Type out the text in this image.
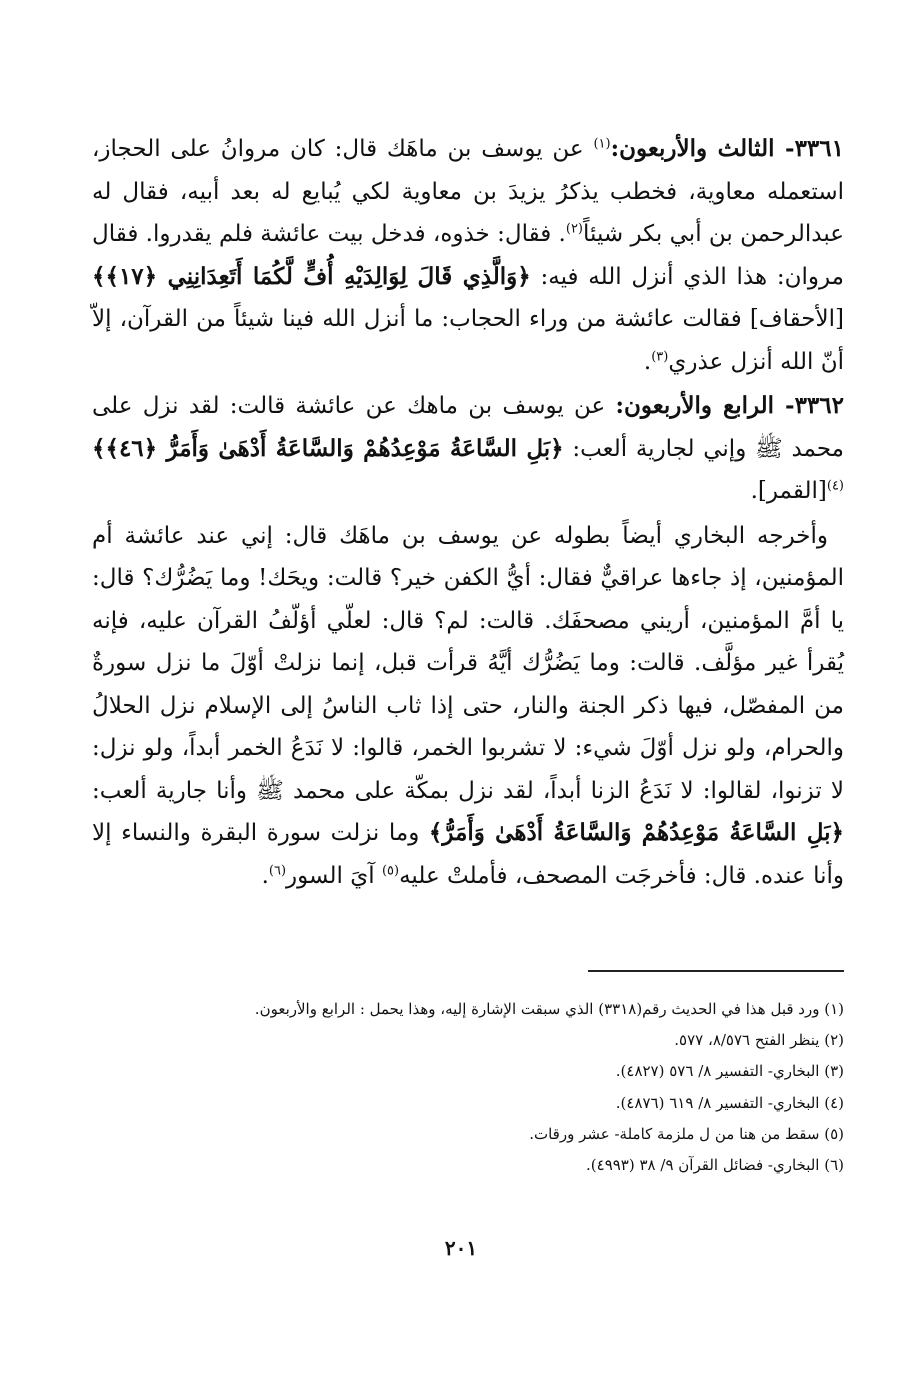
٣٣٦١- الثالث والأربعون:$^{(١)}$ عن يوسف بن ماهَك قال: كان مروانُ على الحجاز، استعمله معاوية، فخطب يذكرُ يزيدَ بن معاوية لكي يُبايع له بعد أبيه، فقال له عبدالرحمن بن أبي بكر شيئاً$^{(٢)}$. فقال: خذوه، فدخل بيت عائشة فلم يقدروا. فقال مروان: هذا الذي أنزل الله فيه: ﴿وَالَّذِي قَالَ لِوَالِدَيْهِ أُفٍّ لَّكُمَا أَتَعِدَانِنِي ﴿١٧﴾﴾ [الأحقاف] فقالت عائشة من وراء الحجاب: ما أنزل الله فينا شيئاً من القرآن، إلاّ أنّ الله أنزل عذري$^{(٣)}$.

٣٣٦٢- الرابع والأربعون: عن يوسف بن ماهك عن عائشة قالت: لقد نزل على محمد ﷺ وإني لجارية ألعب: ﴿بَلِ السَّاعَةُ مَوْعِدُهُمْ وَالسَّاعَةُ أَدْهَىٰ وَأَمَرُّ ﴿٤٦﴾﴾$^{(٤)}$[القمر].

وأخرجه البخاري أيضاً بطوله عن يوسف بن ماهَك قال: إني عند عائشة أم المؤمنين، إذ جاءها عراقيٌّ فقال: أيُّ الكفن خير؟ قالت: ويحَك! وما يَضُرُّك؟ قال: يا أمَّ المؤمنين، أريني مصحفَك. قالت: لم؟ قال: لعلّي أؤلّفُ القرآن عليه، فإنه يُقرأ غير مؤلَّف. قالت: وما يَضُرُّك أيَّهُ قرأت قبل، إنما نزلتْ أوّلَ ما نزل سورةٌ من المفصّل، فيها ذكر الجنة والنار، حتى إذا ثاب الناسُ إلى الإسلام نزل الحلالُ والحرام، ولو نزل أوّلَ شيء: لا تشربوا الخمر، قالوا: لا نَدَعُ الخمر أبداً، ولو نزل: لا تزنوا، لقالوا: لا نَدَعُ الزنا أبداً، لقد نزل بمكّة على محمد ﷺ وأنا جارية ألعب: ﴿بَلِ السَّاعَةُ مَوْعِدُهُمْ وَالسَّاعَةُ أَدْهَىٰ وَأَمَرُّ﴾ وما نزلت سورة البقرة والنساء إلا وأنا عنده. قال: فأخرجَت المصحف، فأملتْ عليه$^{(٥)}$ آيَ السور$^{(٦)}$.

(١) ورد قبل هذا في الحديث رقم(٣٣١٨) الذي سبقت الإشارة إليه، وهذا يحمل : الرابع والأربعون.

(٢) ينظر الفتح ٨/٥٧٦، ٥٧٧.

(٣) البخاري- التفسير ٨/ ٥٧٦ (٤٨٢٧).

(٤) البخاري- التفسير ٨/ ٦١٩ (٤٨٧٦).

(٥) سقط من هنا من ل ملزمة كاملة- عشر ورقات.

(٦) البخاري- فضائل القرآن ٩/ ٣٨ (٤٩٩٣).

٢٠١
